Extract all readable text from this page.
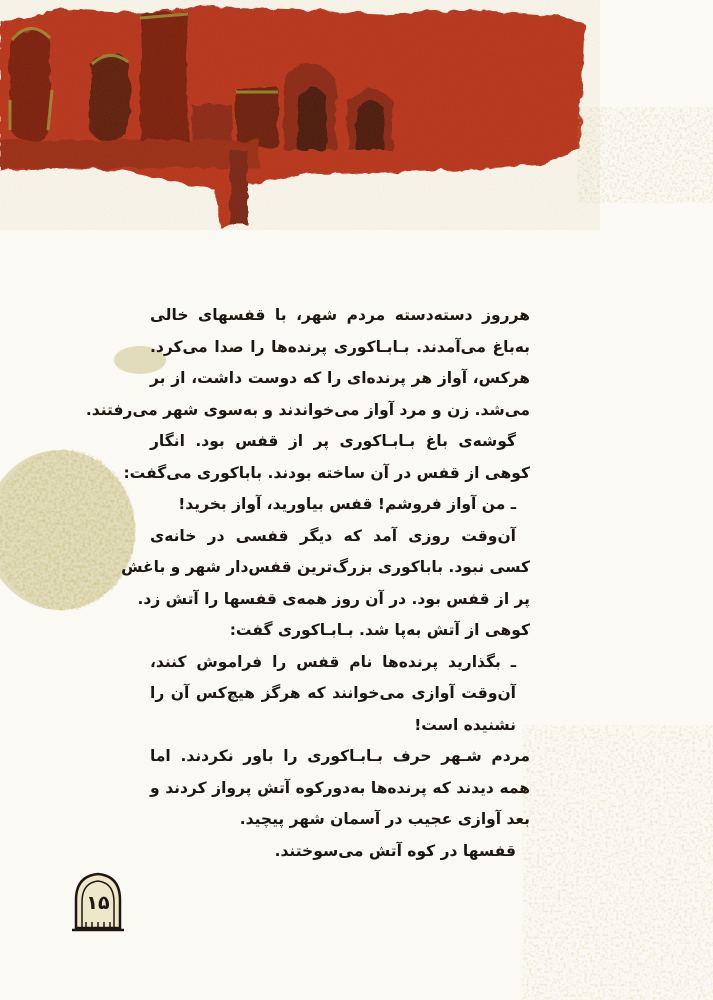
هرروز دسته‌دسته مردم شهر، با قفسهای خالی
به‌باغ می‌آمدند. بـابـاکوری پرنده‌ها را صدا می‌کرد.
هرکس، آواز هر پرنده‌ای را که دوست داشت، از بر
می‌شد. زن و مرد آواز می‌خواندند و به‌سوی شهر می‌رفتند.
گوشه‌ی باغ بـابـاکوری پر از قفس بود. انگار
کوهی از قفس در آن ساخته بودند. باباکوری می‌گفت:
ـ من آواز فروشم! قفس بیاورید، آواز بخرید!
آن‌وقت روزی آمد که دیگر قفسی در خانه‌ی
کسی نبود. باباکوری بزرگ‌ترین قفس‌دار شهر و باغش
پر از قفس بود. در آن روز همه‌ی قفسها را آتش زد.
کوهی از آتش به‌پا شد. بـابـاکوری گفت:
ـ بگذارید پرنده‌ها نام قفس را فراموش کنند،
آن‌وقت آوازی می‌خوانند که هرگز هیچ‌کس آن را
نشنیده است!
مردم شـهر حرف بـابـاکوری را باور نکردند. اما
همه دیدند که پرنده‌ها به‌دورکوه آتش پرواز کردند و
بعد آوازی عجیب در آسمان شهر پیچید.
قفسها در کوه آتش می‌سوختند.
۱۵
